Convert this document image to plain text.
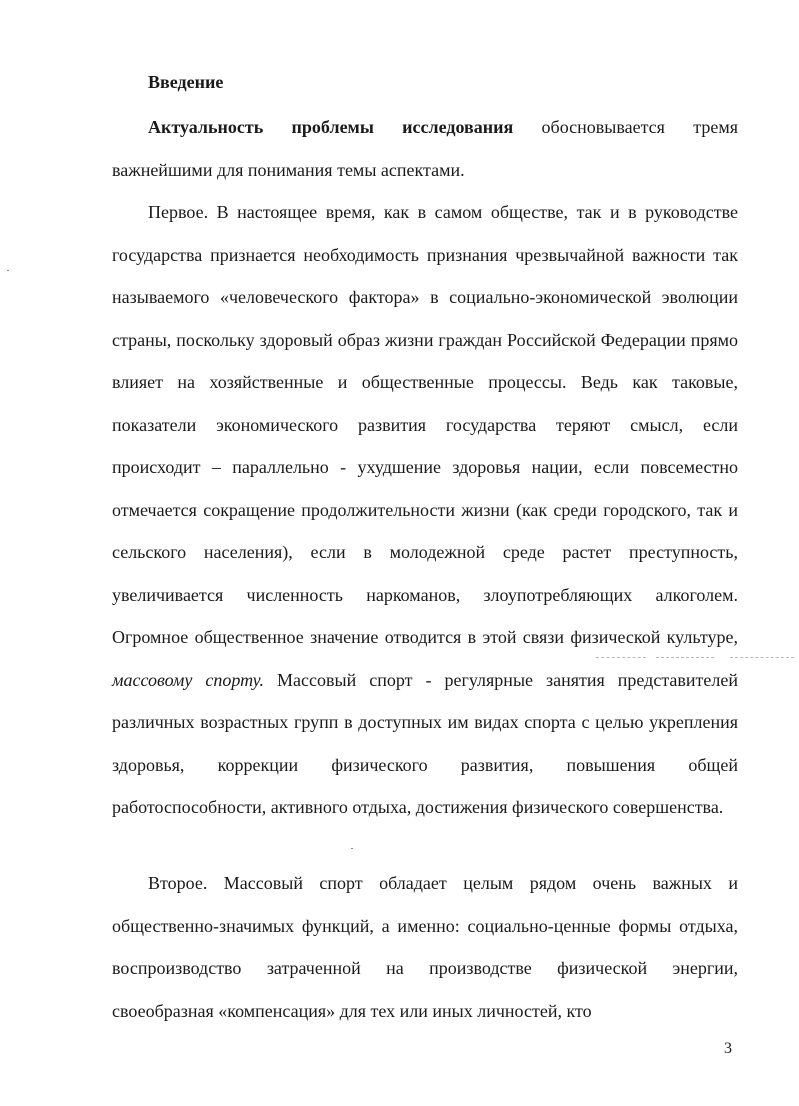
Введение

Актуальность проблемы исследования обосновывается тремя важнейшими для понимания темы аспектами.

Первое. В настоящее время, как в самом обществе, так и в руководстве государства признается необходимость признания чрезвычайной важности так называемого «человеческого фактора» в социально-экономической эволюции страны, поскольку здоровый образ жизни граждан Российской Федерации прямо влияет на хозяйственные и общественные процессы. Ведь как таковые, показатели экономического развития государства теряют смысл, если происходит – параллельно - ухудшение здоровья нации, если повсеместно отмечается сокращение продолжительности жизни (как среди городского, так и сельского населения), если в молодежной среде растет преступность, увеличивается численность наркоманов, злоупотребляющих алкоголем. Огромное общественное значение отводится в этой связи физической культуре, массовому спорту. Массовый спорт - регулярные занятия представителей различных возрастных групп в доступных им видах спорта с целью укрепления здоровья, коррекции физического развития, повышения общей работоспособности, активного отдыха, достижения физического совершенства.

Второе. Массовый спорт обладает целым рядом очень важных и общественно-значимых функций, а именно: социально-ценные формы отдыха, воспроизводство затраченной на производстве физической энергии, своеобразная «компенсация» для тех или иных личностей, кто

3
